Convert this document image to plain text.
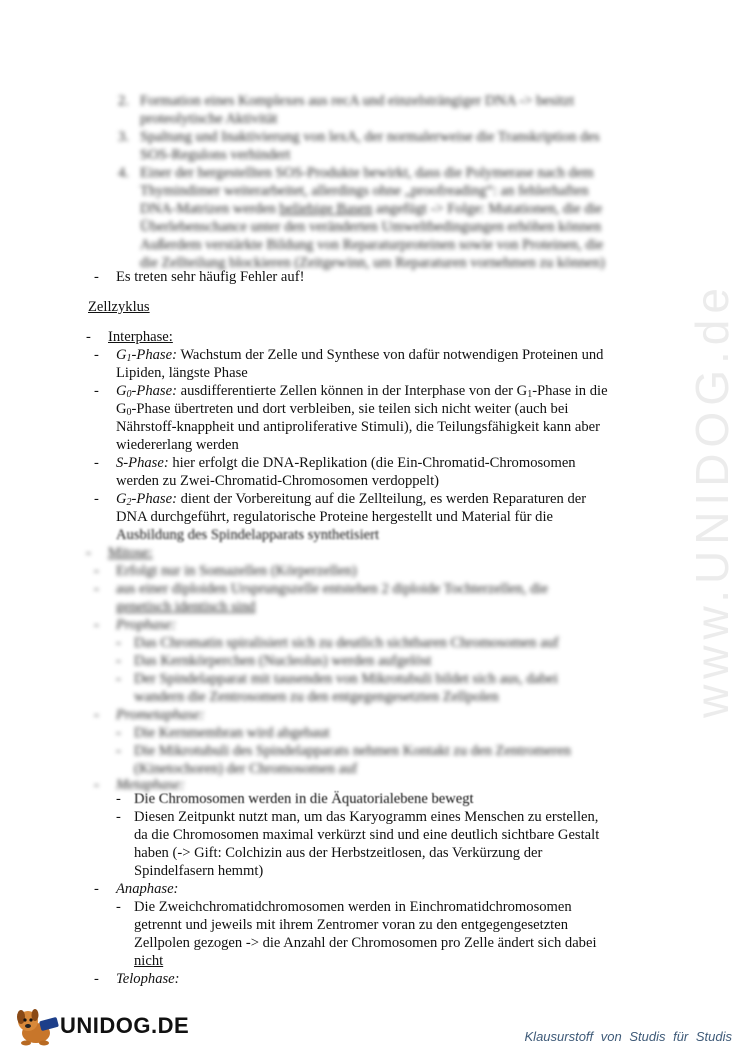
www.UNIDOG.de
2. Formation eines Komplexes aus recA und einzelsträngiger DNA -> besitzt
proteolytische Aktivität
3. Spaltung und Inaktivierung von lexA, der normalerweise die Transkription des
SOS-Regulons verhindert
4. Einer der hergestellten SOS-Produkte bewirkt, dass die Polymerase nach dem
Thymindimer weiterarbeitet, allerdings ohne „proofreading“: an fehlerhaften
DNA-Matrizen werden beliebige Basen angefügt -> Folge: Mutationen, die die
Überlebenschance unter den veränderten Umweltbedingungen erhöhen können
Außerdem verstärkte Bildung von Reparaturproteinen sowie von Proteinen, die
die Zellteilung blockieren (Zeitgewinn, um Reparaturen vornehmen zu können)
- Es treten sehr häufig Fehler auf!
Zellzyklus
- Interphase:
- $G_1$-Phase: Wachstum der Zelle und Synthese von dafür notwendigen Proteinen und
Lipiden, längste Phase
- $G_0$-Phase: ausdifferentierte Zellen können in der Interphase von der $G_1$-Phase in die
$G_0$-Phase übertreten und dort verbleiben, sie teilen sich nicht weiter (auch bei
Nährstoff-knappheit und antiproliferative Stimuli), die Teilungsfähigkeit kann aber
wiedererlang werden
- S-Phase: hier erfolgt die DNA-Replikation (die Ein-Chromatid-Chromosomen
werden zu Zwei-Chromatid-Chromosomen verdoppelt)
- $G_2$-Phase: dient der Vorbereitung auf die Zellteilung, es werden Reparaturen der
DNA durchgeführt, regulatorische Proteine hergestellt und Material für die
Ausbildung des Spindelapparats synthetisiert
- Mitose:
- Erfolgt nur in Somazellen (Körperzellen)
- aus einer diploiden Ursprungszelle entstehen 2 diploide Tochterzellen, die
genetisch identisch sind
- Prophase:
- Das Chromatin spiralisiert sich zu deutlich sichtbaren Chromosomen auf
- Das Kernkörperchen (Nucleolus) werden aufgelöst
- Der Spindelapparat mit tausenden von Mikrotubuli bildet sich aus, dabei
wandern die Zentrosomen zu den entgegengesetzten Zellpolen
- Prometaphase:
- Die Kernmembran wird abgebaut
- Die Mikrotubuli des Spindelapparats nehmen Kontakt zu den Zentromeren
(Kinetochoren) der Chromosomen auf
- Metaphase:
- Die Chromosomen werden in die Äquatorialebene bewegt
- Diesen Zeitpunkt nutzt man, um das Karyogramm eines Menschen zu erstellen,
da die Chromosomen maximal verkürzt sind und eine deutlich sichtbare Gestalt
haben (-> Gift: Colchizin aus der Herbstzeitlosen, das Verkürzung der
Spindelfasern hemmt)
- Anaphase:
- Die Zweichchromatidchromosomen werden in Einchromatidchromosomen
getrennt und jeweils mit ihrem Zentromer voran zu den entgegengesetzten
Zellpolen gezogen -> die Anzahl der Chromosomen pro Zelle ändert sich dabei
nicht
- Telophase:
UNIDOG.DE	Klausurstoff von Studis für Studis
